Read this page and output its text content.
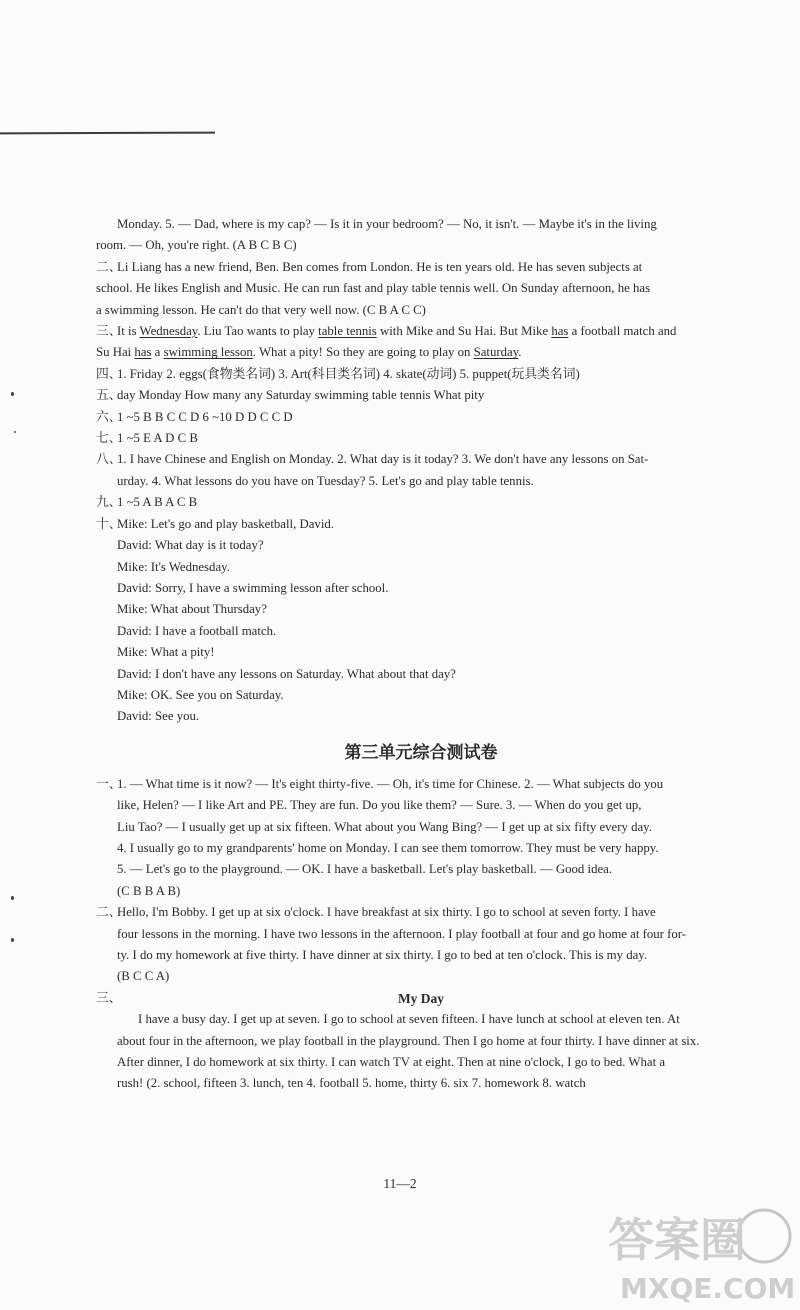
Monday. 5. — Dad, where is my cap? — Is it in your bedroom? — No, it isn't. — Maybe it's in the living

room. — Oh, you're right. (A B C B C)

二、

Li Liang has a new friend, Ben. Ben comes from London. He is ten years old. He has seven subjects at

school. He likes English and Music. He can run fast and play table tennis well. On Sunday afternoon, he has

a swimming lesson. He can't do that very well now. (C B A C C)

三、

It is Wednesday. Liu Tao wants to play table tennis with Mike and Su Hai. But Mike has a football match and

Su Hai has a swimming lesson. What a pity! So they are going to play on Saturday.

四、

1. Friday 2. eggs(食物类名词) 3. Art(科目类名词) 4. skate(动词) 5. puppet(玩具类名词)

五、

day Monday How many any Saturday swimming table tennis What pity

六、

1 ~5 B B C C D 6 ~10 D D C C D

七、

1 ~5 E A D C B

八、

1. I have Chinese and English on Monday. 2. What day is it today? 3. We don't have any lessons on Sat-

urday. 4. What lessons do you have on Tuesday? 5. Let's go and play table tennis.

九、

1 ~5 A B A C B

十、

Mike: Let's go and play basketball, David.

David: What day is it today?

Mike: It's Wednesday.

David: Sorry, I have a swimming lesson after school.

Mike: What about Thursday?

David: I have a football match.

Mike: What a pity!

David: I don't have any lessons on Saturday. What about that day?

Mike: OK. See you on Saturday.

David: See you.

第三单元综合测试卷
一、

1. — What time is it now? — It's eight thirty-five. — Oh, it's time for Chinese. 2. — What subjects do you

like, Helen? — I like Art and PE. They are fun. Do you like them? — Sure. 3. — When do you get up,

Liu Tao? — I usually get up at six fifteen. What about you Wang Bing? — I get up at six fifty every day.

4. I usually go to my grandparents' home on Monday. I can see them tomorrow. They must be very happy.

5. — Let's go to the playground. — OK. I have a basketball. Let's play basketball. — Good idea.

(C B B A B)

二、

Hello, I'm Bobby. I get up at six o'clock. I have breakfast at six thirty. I go to school at seven forty. I have

four lessons in the morning. I have two lessons in the afternoon. I play football at four and go home at four for-

ty. I do my homework at five thirty. I have dinner at six thirty. I go to bed at ten o'clock. This is my day.

(B C C A)

三、	My Day

I have a busy day. I get up at seven. I go to school at seven fifteen. I have lunch at school at eleven ten. At

about four in the afternoon, we play football in the playground. Then I go home at four thirty. I have dinner at six.

After dinner, I do homework at six thirty. I can watch TV at eight. Then at nine o'clock, I go to bed. What a

rush! (2. school, fifteen 3. lunch, ten 4. football 5. home, thirty 6. six 7. homework 8. watch

11—2
答案圈
MXQE.COM
